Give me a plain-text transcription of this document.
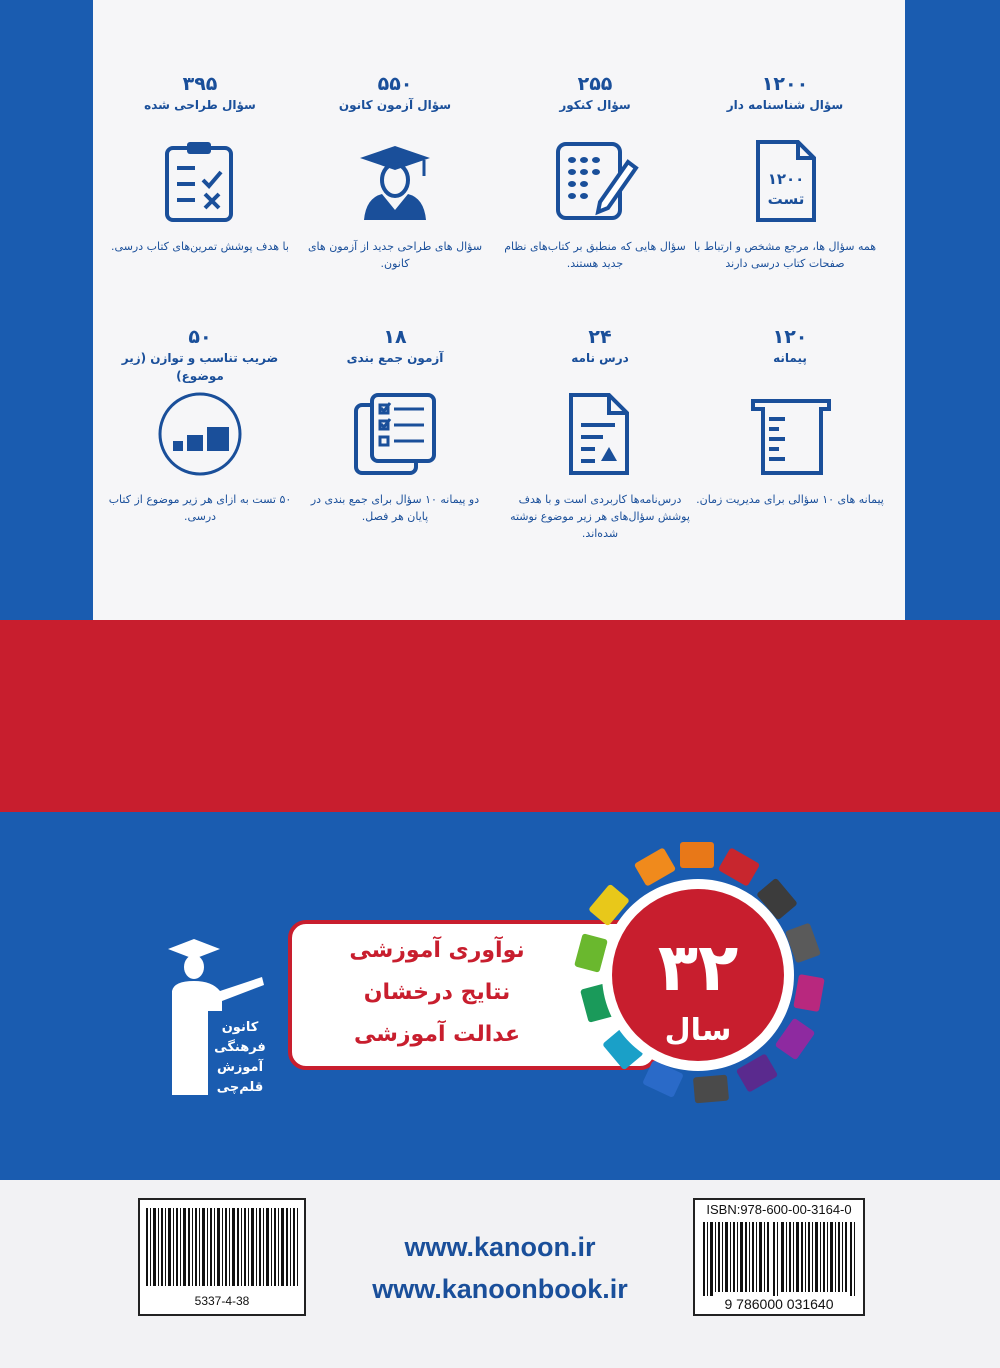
۱۲۰۰
سؤال شناسنامه دار
۱۲۰۰
تست
همه سؤال ها، مرجع مشخص و ارتباط با صفحات کتاب درسی دارند
۲۵۵
سؤال کنکور
سؤال هایی که منطبق بر کتاب‌های نظام جدید هستند.
۵۵۰
سؤال آزمون کانون
سؤال های طراحی جدید از آزمون های کانون.
۳۹۵
سؤال طراحی شده
با هدف پوشش تمرین‌های کتاب درسی.
۱۲۰
پیمانه
پیمانه های ۱۰ سؤالی برای مدیریت زمان.
۲۴
درس نامه
درس‌نامه‌ها کاربردی است و با هدف پوشش سؤال‌های هر زیر موضوع نوشته شده‌اند.
۱۸
آزمون جمع بندی
دو پیمانه ۱۰ سؤال برای جمع بندی در پایان هر فصل.
۵۰
ضریب تناسب و توازن (زیر موضوع)
۵۰ تست به ازای هر زیر موضوع از کتاب درسی.
کانون
فرهنگی
آموزش
قلم‌چی
نوآوری آموزشی
نتایج درخشان
عدالت آموزشی
۳۲
سال
5337-4-38
www.kanoon.ir
www.kanoonbook.ir
ISBN:978-600-00-3164-0
9 786000 031640
